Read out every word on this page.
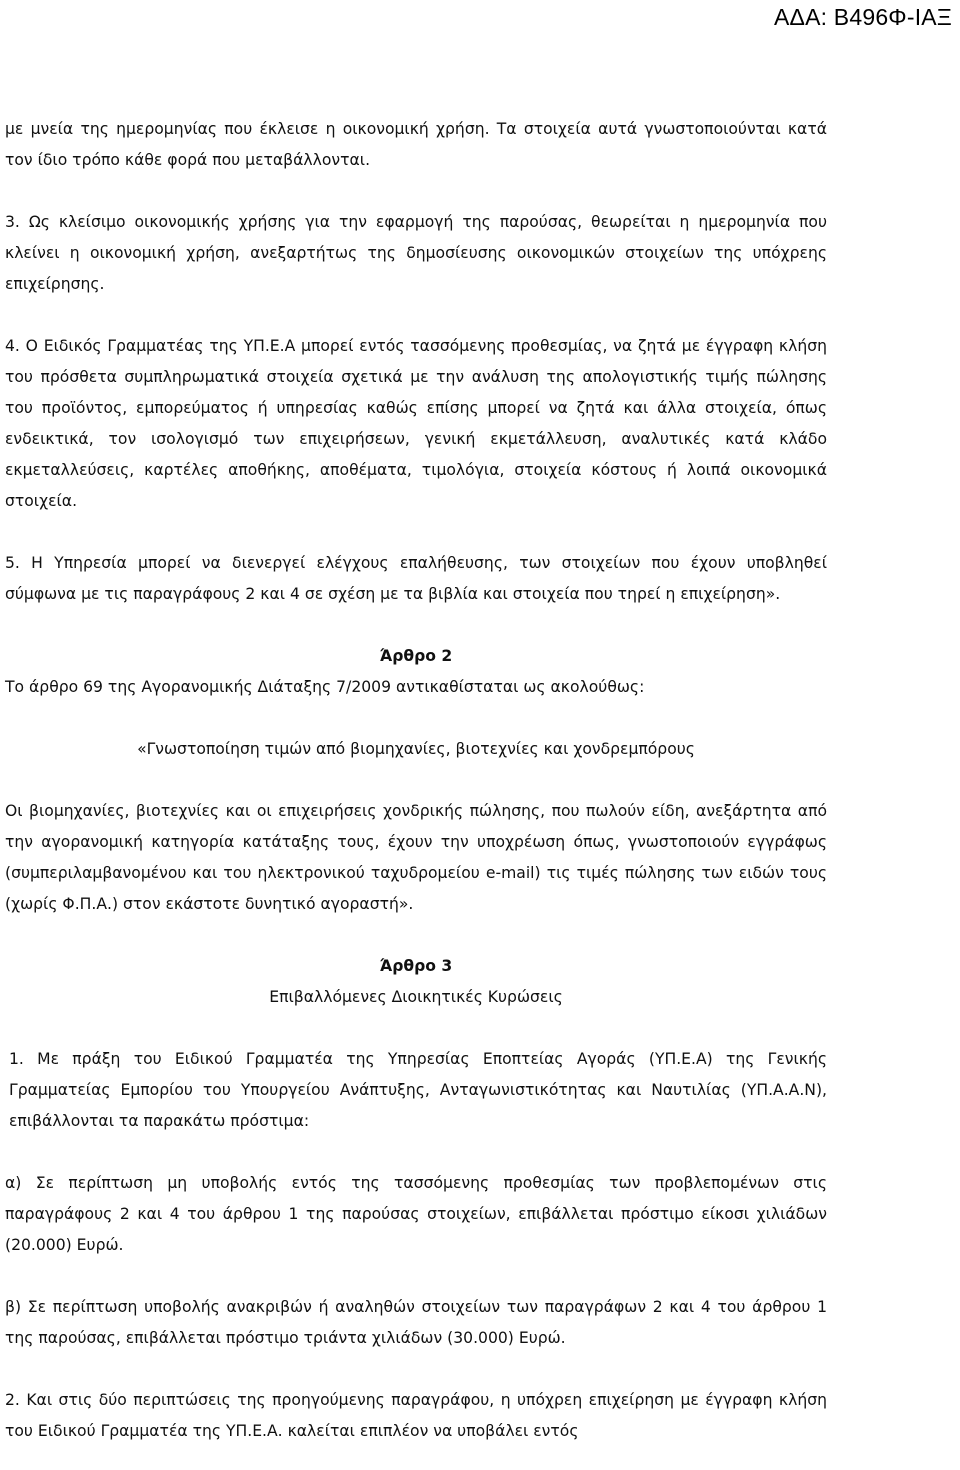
ΑΔΑ: Β496Φ-ΙΑΞ

με μνεία της ημερομηνίας που έκλεισε η οικονομική χρήση. Τα στοιχεία αυτά γνωστοποιούνται κατά τον ίδιο τρόπο κάθε φορά που μεταβάλλονται.

3. Ως κλείσιμο οικονομικής χρήσης για την εφαρμογή της παρούσας, θεωρείται η ημερομηνία που κλείνει η οικονομική χρήση, ανεξαρτήτως της δημοσίευσης οικονομικών στοιχείων της υπόχρεης επιχείρησης.

4. Ο Ειδικός Γραμματέας της ΥΠ.Ε.Α μπορεί εντός τασσόμενης προθεσμίας, να ζητά με έγγραφη κλήση του πρόσθετα συμπληρωματικά στοιχεία σχετικά με την ανάλυση της απολογιστικής τιμής πώλησης του προϊόντος, εμπορεύματος ή υπηρεσίας καθώς επίσης μπορεί να ζητά και άλλα στοιχεία, όπως ενδεικτικά, τον ισολογισμό των επιχειρήσεων, γενική εκμετάλλευση, αναλυτικές κατά κλάδο εκμεταλλεύσεις, καρτέλες αποθήκης, αποθέματα, τιμολόγια, στοιχεία κόστους ή λοιπά οικονομικά στοιχεία.

5. Η Υπηρεσία μπορεί να διενεργεί ελέγχους επαλήθευσης, των στοιχείων που έχουν υποβληθεί σύμφωνα με τις παραγράφους 2 και 4 σε σχέση με τα βιβλία και στοιχεία που τηρεί η επιχείρηση».

Άρθρο 2

Το άρθρο 69 της Αγορανομικής Διάταξης 7/2009 αντικαθίσταται ως ακολούθως:

«Γνωστοποίηση τιμών από βιομηχανίες, βιοτεχνίες και χονδρεμπόρους

Οι βιομηχανίες, βιοτεχνίες και οι επιχειρήσεις χονδρικής πώλησης, που πωλούν είδη, ανεξάρτητα από την αγορανομική κατηγορία κατάταξης τους, έχουν την υποχρέωση όπως, γνωστοποιούν εγγράφως (συμπεριλαμβανομένου και του ηλεκτρονικού ταχυδρομείου e-mail) τις τιμές πώλησης των ειδών τους (χωρίς Φ.Π.Α.) στον εκάστοτε δυνητικό αγοραστή».

Άρθρο 3

Επιβαλλόμενες Διοικητικές Κυρώσεις

1. Με πράξη του Ειδικού Γραμματέα της Υπηρεσίας Εποπτείας Αγοράς (ΥΠ.Ε.Α) της Γενικής Γραμματείας Εμπορίου του Υπουργείου Ανάπτυξης, Ανταγωνιστικότητας και Ναυτιλίας (ΥΠ.Α.Α.Ν), επιβάλλονται τα παρακάτω πρόστιμα:

α) Σε περίπτωση μη υποβολής εντός της τασσόμενης προθεσμίας των προβλεπομένων στις παραγράφους 2 και 4 του άρθρου 1 της παρούσας στοιχείων, επιβάλλεται πρόστιμο είκοσι χιλιάδων (20.000) Ευρώ.

β) Σε περίπτωση υποβολής ανακριβών ή αναληθών στοιχείων των παραγράφων 2 και 4 του άρθρου 1 της παρούσας, επιβάλλεται πρόστιμο τριάντα χιλιάδων (30.000) Ευρώ.

2. Και στις δύο περιπτώσεις της προηγούμενης παραγράφου, η υπόχρεη επιχείρηση με έγγραφη κλήση του Ειδικού Γραμματέα της ΥΠ.Ε.Α. καλείται επιπλέον να υποβάλει εντός
